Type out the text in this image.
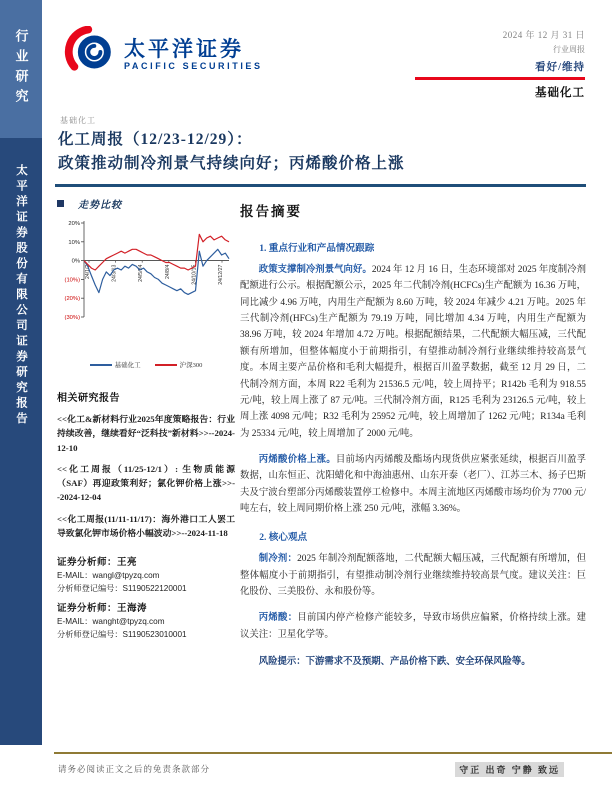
行业研究
太平洋证券股份有限公司证券研究报告
太平洋证券
PACIFIC SECURITIES
2024 年 12 月 31 日
行业周报
看好/维持
基础化工
基础化工
化工周报（12/23-12/29）：
政策推动制冷剂景气持续向好；丙烯酸价格上涨
走势比较
20%
10%
0%
(10%)
(20%)
(30%)
24/1/2	24/3/13	24/5/24	24/8/4	24/10/15	24/12/27
基础化工	沪深300
相关研究报告

<<化工&新材料行业2025年度策略报告：行业持续改善，继续看好“泛科技”新材料>>--2024-12-10

<<化工周报（11/25-12/1）: 生物质能源（SAF）再迎政策利好；氯化钾价格上涨>>--2024-12-04

<<化工周报(11/11-11/17)：海外港口工人罢工导致氯化钾市场价格小幅波动>>--2024-11-18

证券分析师：王亮
E-MAIL：wangl@tpyzq.com
分析师登记编号：S1190522120001
证券分析师：王海涛
E-MAIL：wanght@tpyzq.com
分析师登记编号：S1190523010001
报告摘要
1. 重点行业和产品情况跟踪

政策支撑制冷剂景气向好。2024 年 12 月 16 日，生态环境部对 2025 年度制冷剂配额进行公示。根据配额公示，2025 年二代制冷剂(HCFCs)生产配额为 16.36 万吨，同比减少 4.96 万吨，内用生产配额为 8.60 万吨，较 2024 年减少 4.21 万吨。2025 年三代制冷剂(HFCs)生产配额为 79.19 万吨，同比增加 4.34 万吨，内用生产配额为 38.96 万吨，较 2024 年增加 4.72 万吨。根据配额结果，二代配额大幅压减，三代配额有所增加，但整体幅度小于前期指引，有望推动制冷剂行业继续维持较高景气度。本周主要产品价格和毛利大幅提升，根据百川盈孚数据，截至 12 月 29 日，二代制冷剂方面，本周 R22 毛利为 21536.5 元/吨，较上周持平；R142b 毛利为 918.55 元/吨，较上周上涨了 87 元/吨。三代制冷剂方面，R125 毛利为 23126.5 元/吨，较上周上涨 4098 元/吨；R32 毛利为 25952 元/吨，较上周增加了 1262 元/吨；R134a 毛利为 25334 元/吨，较上周增加了 2000 元/吨。

丙烯酸价格上涨。目前场内丙烯酸及酯场内现货供应紧张延续，根据百川盈孚数据，山东恒正、沈阳蜡化和中海油惠州、山东开泰（老厂）、江苏三木、扬子巴斯夫及宁波台塑部分丙烯酸装置停工检修中。本周主流地区丙烯酸市场均价为 7700 元/吨左右，较上周同期价格上涨 250 元/吨，涨幅 3.36%。

2. 核心观点

制冷剂：2025 年制冷剂配额落地，二代配额大幅压减，三代配额有所增加，但整体幅度小于前期指引，有望推动制冷剂行业继续维持较高景气度。建议关注：巨化股份、三美股份、永和股份等。

丙烯酸：目前国内停产检修产能较多，导致市场供应偏紧，价格持续上涨。建议关注：卫星化学等。

风险提示：下游需求不及预期、产品价格下跌、安全环保风险等。

请务必阅读正文之后的免责条款部分	守正 出奇 宁静 致远
